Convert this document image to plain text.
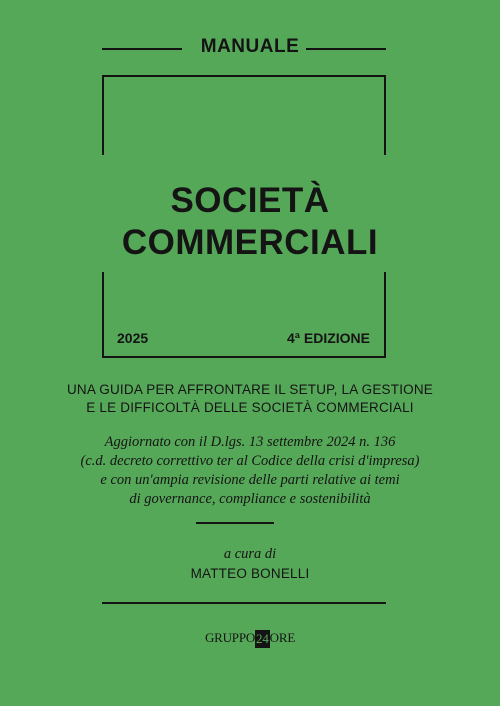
MANUALE
SOCIETÀ
COMMERCIALI
2025	4ª EDIZIONE
UNA GUIDA PER AFFRONTARE IL SETUP, LA GESTIONE
E LE DIFFICOLTÀ DELLE SOCIETÀ COMMERCIALI
Aggiornato con il D.lgs. 13 settembre 2024 n. 136
(c.d. decreto correttivo ter al Codice della crisi d'impresa)
e con un'ampia revisione delle parti relative ai temi
di governance, compliance e sostenibilità
a cura di
MATTEO BONELLI
GRUPPO24ORE
